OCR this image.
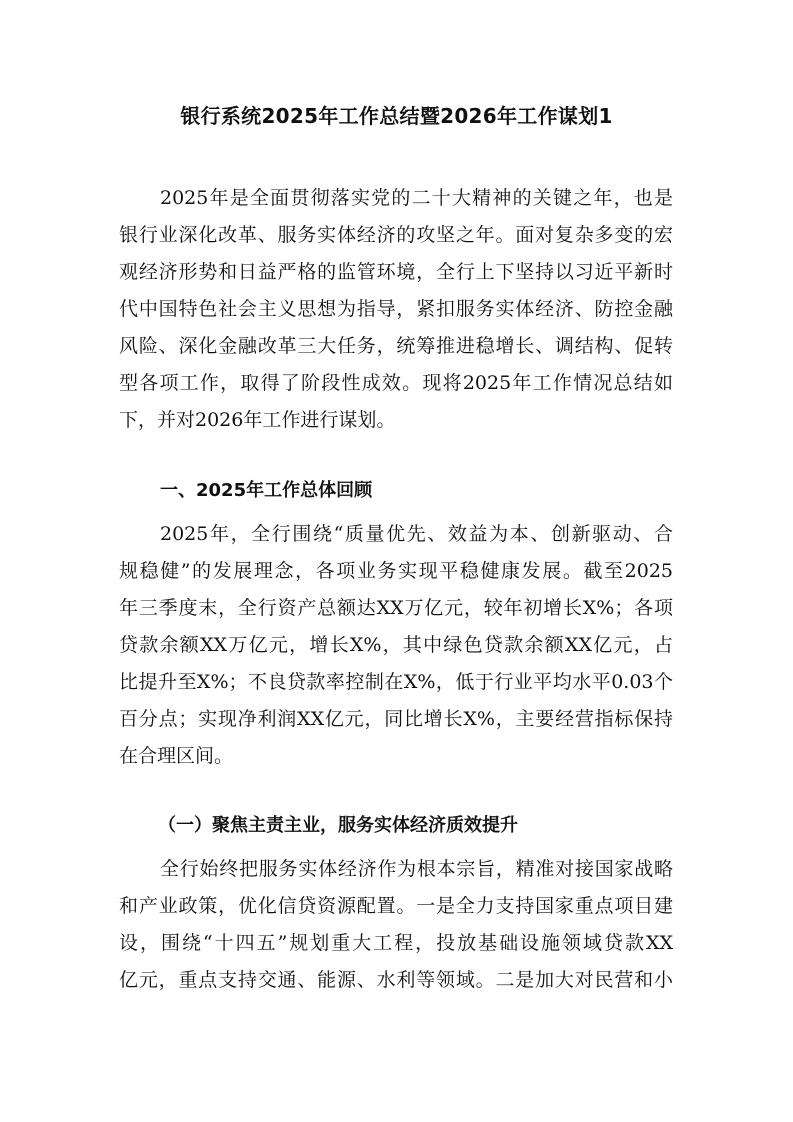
银行系统2025年工作总结暨2026年工作谋划1
2025年是全面贯彻落实党的二十大精神的关键之年，也是
银行业深化改革、服务实体经济的攻坚之年。面对复杂多变的宏
观经济形势和日益严格的监管环境，全行上下坚持以习近平新时
代中国特色社会主义思想为指导，紧扣服务实体经济、防控金融
风险、深化金融改革三大任务，统筹推进稳增长、调结构、促转
型各项工作，取得了阶段性成效。现将2025年工作情况总结如
下，并对2026年工作进行谋划。
一、2025年工作总体回顾
2025年，全行围绕“质量优先、效益为本、创新驱动、合
规稳健”的发展理念，各项业务实现平稳健康发展。截至2025
年三季度末，全行资产总额达XX万亿元，较年初增长X%；各项
贷款余额XX万亿元，增长X%，其中绿色贷款余额XX亿元，占
比提升至X%；不良贷款率控制在X%，低于行业平均水平0.03个
百分点；实现净利润XX亿元，同比增长X%，主要经营指标保持
在合理区间。
（一）聚焦主责主业，服务实体经济质效提升
全行始终把服务实体经济作为根本宗旨，精准对接国家战略
和产业政策，优化信贷资源配置。一是全力支持国家重点项目建
设，围绕“十四五”规划重大工程，投放基础设施领域贷款XX
亿元，重点支持交通、能源、水利等领域。二是加大对民营和小
